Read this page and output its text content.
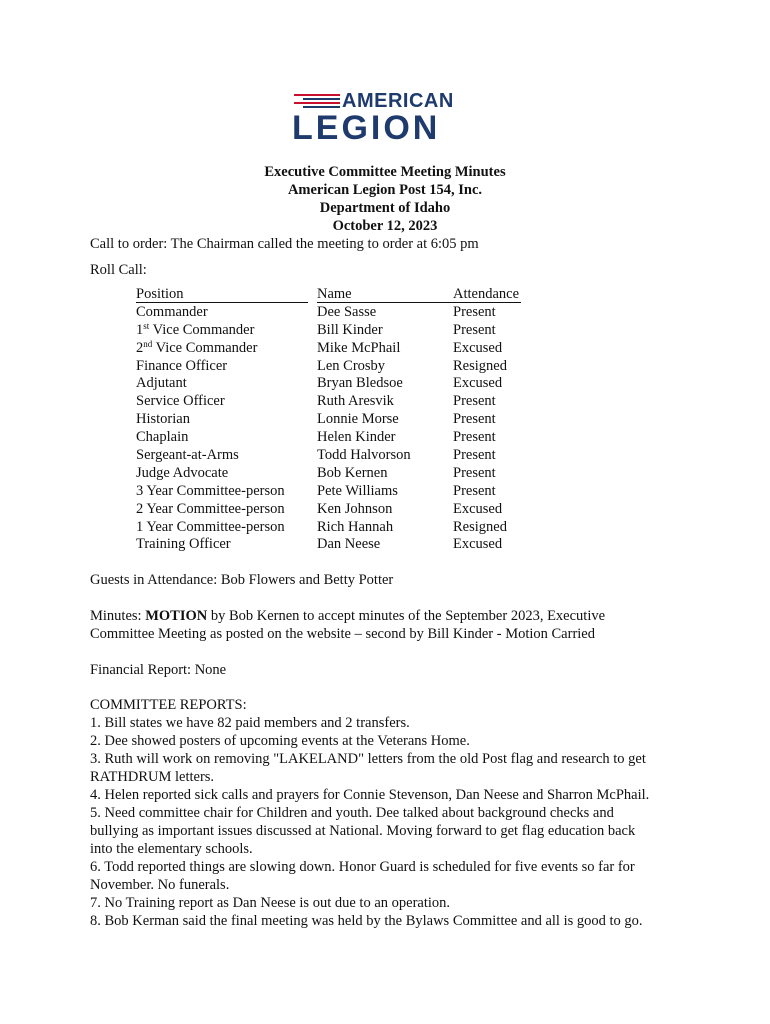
AMERICAN
LEGION
Executive Committee Meeting Minutes
American Legion Post 154, Inc.
Department of Idaho
October 12, 2023
Call to order: The Chairman called the meeting to order at 6:05 pm
Roll Call:
Position
Commander
1st Vice Commander
2nd Vice Commander
Finance Officer
Adjutant
Service Officer
Historian
Chaplain
Sergeant-at-Arms
Judge Advocate
3 Year Committee-person
2 Year Committee-person
1 Year Committee-person
Training Officer
Name
Dee Sasse
Bill Kinder
Mike McPhail
Len Crosby
Bryan Bledsoe
Ruth Aresvik
Lonnie Morse
Helen Kinder
Todd Halvorson
Bob Kernen
Pete Williams
Ken Johnson
Rich Hannah
Dan Neese
Attendance
Present
Present
Excused
Resigned
Excused
Present
Present
Present
Present
Present
Present
Excused
Resigned
Excused
Guests in Attendance: Bob Flowers and Betty Potter
Minutes: MOTION by Bob Kernen to accept minutes of the September 2023, Executive
Committee Meeting as posted on the website – second by Bill Kinder - Motion Carried
Financial Report: None
COMMITTEE REPORTS:
1. Bill states we have 82 paid members and 2 transfers.
2. Dee showed posters of upcoming events at the Veterans Home.
3. Ruth will work on removing "LAKELAND" letters from the old Post flag and research to get
RATHDRUM letters.
4. Helen reported sick calls and prayers for Connie Stevenson, Dan Neese and Sharron McPhail.
5. Need committee chair for Children and youth. Dee talked about background checks and
bullying as important issues discussed at National. Moving forward to get flag education back
into the elementary schools.
6. Todd reported things are slowing down. Honor Guard is scheduled for five events so far for
November. No funerals.
7. No Training report as Dan Neese is out due to an operation.
8. Bob Kerman said the final meeting was held by the Bylaws Committee and all is good to go.
